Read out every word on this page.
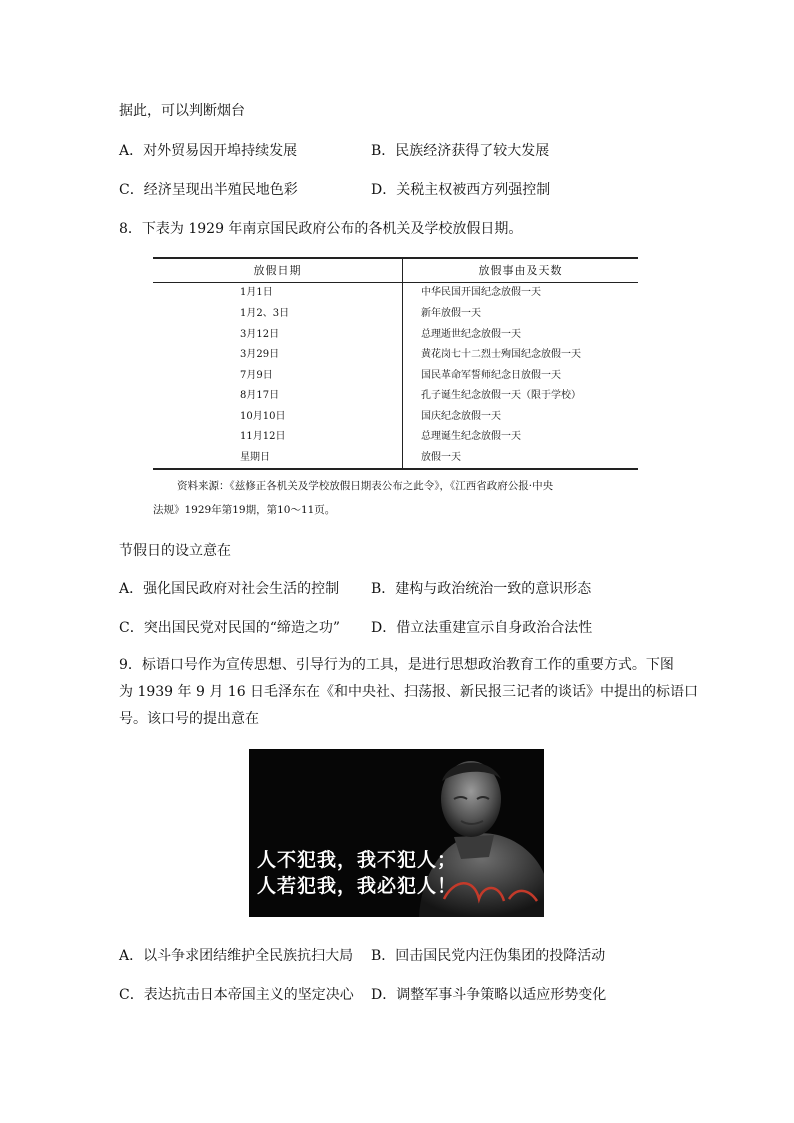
据此，可以判断烟台
A．对外贸易因开埠持续发展	B．民族经济获得了较大发展
C．经济呈现出半殖民地色彩	D．关税主权被西方列强控制
8．下表为 1929 年南京国民政府公布的各机关及学校放假日期。
放假日期	放假事由及天数
1月1日	中华民国开国纪念放假一天
1月2、3日	新年放假一天
3月12日	总理逝世纪念放假一天
3月29日	黄花岗七十二烈士殉国纪念放假一天
7月9日	国民革命军誓师纪念日放假一天
8月17日	孔子诞生纪念放假一天（限于学校）
10月10日	国庆纪念放假一天
11月12日	总理诞生纪念放假一天
星期日	放假一天
资料来源：《兹修正各机关及学校放假日期表公布之此令》，《江西省政府公报·中央
法规》1929年第19期，第10～11页。
节假日的设立意在
A．强化国民政府对社会生活的控制 B．建构与政治统治一致的意识形态
C．突出国民党对民国的“缔造之功” D．借立法重建宣示自身政治合法性
9．标语口号作为宣传思想、引导行为的工具，是进行思想政治教育工作的重要方式。下图
为 1939 年 9 月 16 日毛泽东在《和中央社、扫荡报、新民报三记者的谈话》中提出的标语口
号。该口号的提出意在
人不犯我，我不犯人；
人若犯我，我必犯人！
A．以斗争求团结维护全民族抗扫大局 B．回击国民党内汪伪集团的投降活动
C．表达抗击日本帝国主义的坚定决心 D．调整军事斗争策略以适应形势变化
